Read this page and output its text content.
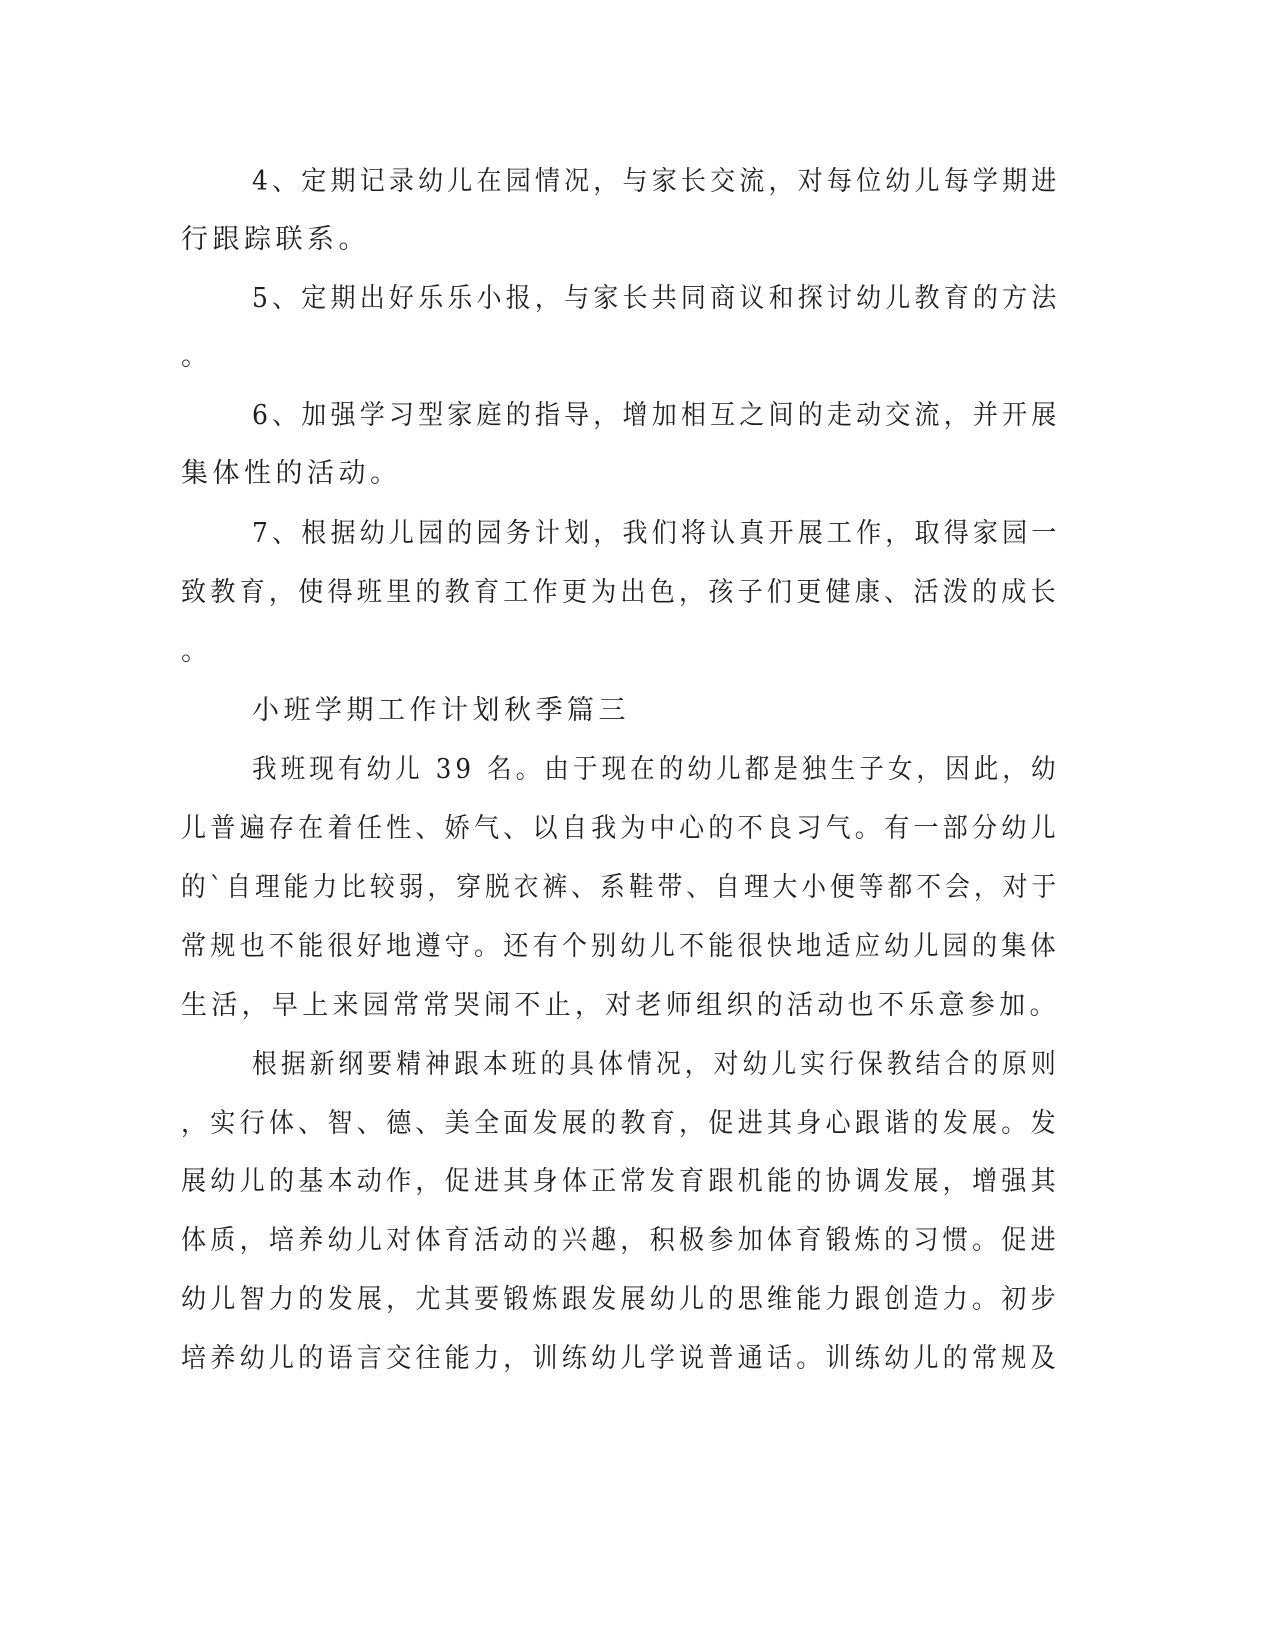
4、定期记录幼儿在园情况，与家长交流，对每位幼儿每学期进

行跟踪联系。

5、定期出好乐乐小报，与家长共同商议和探讨幼儿教育的方法

。

6、加强学习型家庭的指导，增加相互之间的走动交流，并开展

集体性的活动。

7、根据幼儿园的园务计划，我们将认真开展工作，取得家园一

致教育，使得班里的教育工作更为出色，孩子们更健康、活泼的成长

。

小班学期工作计划秋季篇三

我班现有幼儿 39 名。由于现在的幼儿都是独生子女，因此，幼

儿普遍存在着任性、娇气、以自我为中心的不良习气。有一部分幼儿

的`自理能力比较弱，穿脱衣裤、系鞋带、自理大小便等都不会，对于

常规也不能很好地遵守。还有个别幼儿不能很快地适应幼儿园的集体

生活，早上来园常常哭闹不止，对老师组织的活动也不乐意参加。

根据新纲要精神跟本班的具体情况，对幼儿实行保教结合的原则

，实行体、智、德、美全面发展的教育，促进其身心跟谐的发展。发

展幼儿的基本动作，促进其身体正常发育跟机能的协调发展，增强其

体质，培养幼儿对体育活动的兴趣，积极参加体育锻炼的习惯。促进

幼儿智力的发展，尤其要锻炼跟发展幼儿的思维能力跟创造力。初步

培养幼儿的语言交往能力，训练幼儿学说普通话。训练幼儿的常规及
